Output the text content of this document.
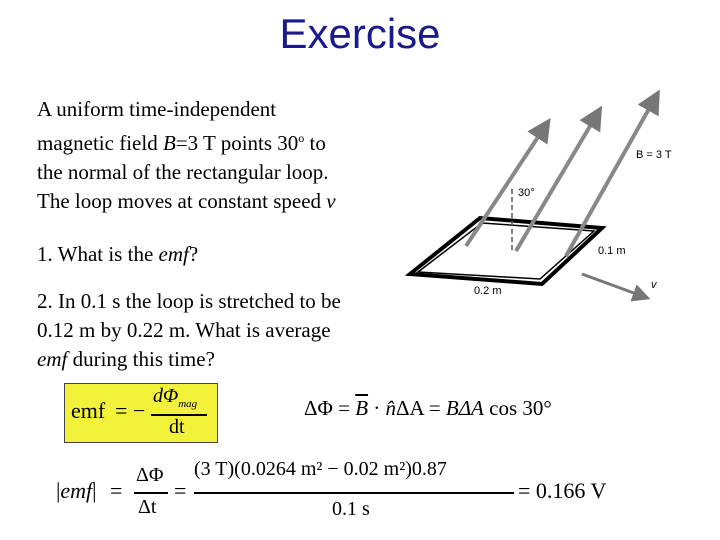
Exercise
A uniform time-independent
magnetic field B=3 T points 30$^o$ to
the normal of the rectangular loop.
The loop moves at constant speed v
1. What is the emf?
2. In 0.1 s the loop is stretched to be
0.12 m by 0.22 m. What is average
emf during this time?
B = 3 T
30°
0.1 m
0.2 m	v
emf = −
$d\Phi_{mag}$
dt
$\Delta\Phi = \overline{B}$ · n̂ΔA = BΔA cos 30°
|emf| =
ΔΦ
Δt
=
(3 T)(0.0264 m² − 0.02 m²)0.87
0.1 s
= 0.166 V
